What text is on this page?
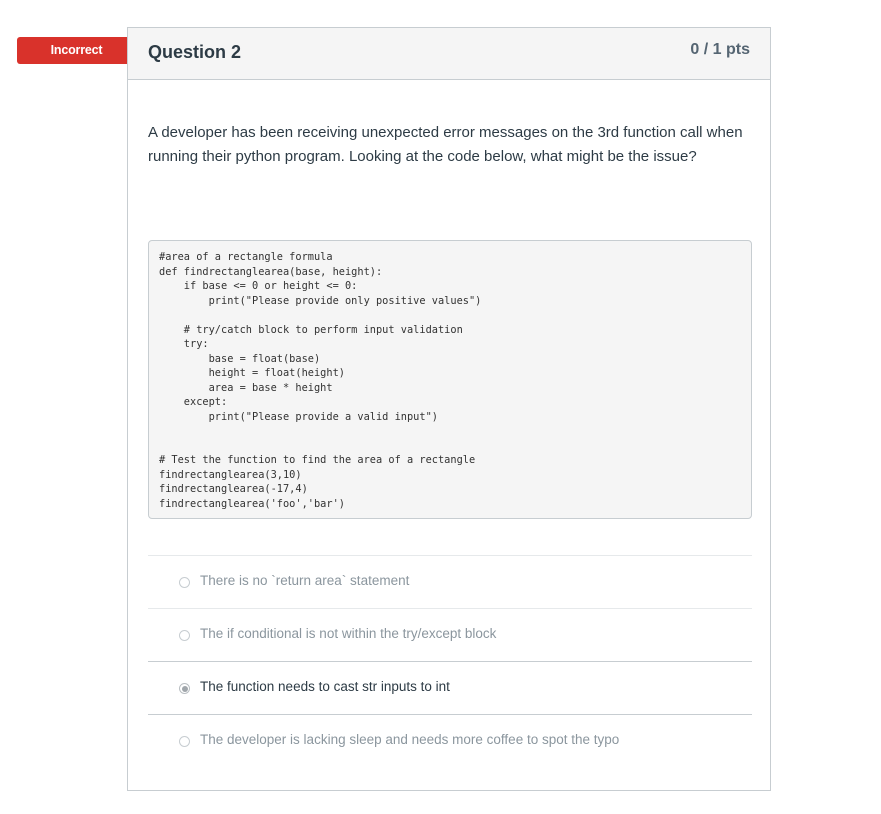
Incorrect	Question 2	0 / 1 pts
A developer has been receiving unexpected error messages on the 3rd function call when running their python program. Looking at the code below, what might be the issue?
#area of a rectangle formula
def findrectanglearea(base, height):
if base <= 0 or height <= 0:
print("Please provide only positive values")

# try/catch block to perform input validation
try:
base = float(base)
height = float(height)
area = base * height
except:
print("Please provide a valid input")

# Test the function to find the area of a rectangle
findrectanglearea(3,10)
findrectanglearea(-17,4)
findrectanglearea('foo','bar')
There is no `return area` statement
The if conditional is not within the try/except block
The function needs to cast str inputs to int
The developer is lacking sleep and needs more coffee to spot the typo
